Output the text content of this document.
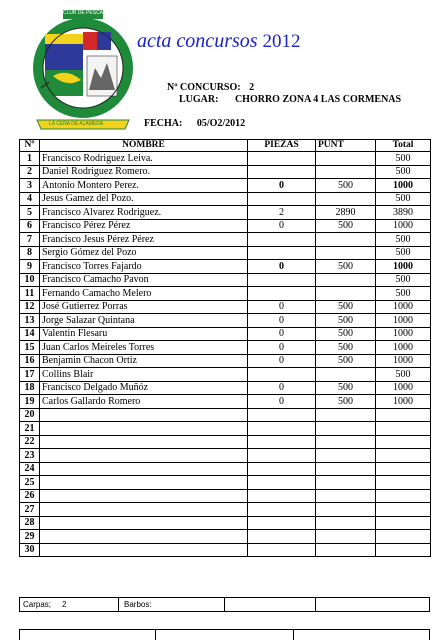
CLUB DE PESCA
LA CEÑA DE ALAMEDA
acta concursos 2012
Nº CONCURSO: 2
LUGAR: CHORRO ZONA 4 LAS CORMENAS
FECHA: 05/O2/2012
Nº	NOMBRE	PIEZAS	PUNT	Total
1	Francisco Rodriguez Leiva.			500
2	Daniel Rodriguez Romero.			500
3	Antonio Montero Perez.	0	500	1000
4	Jesus Gamez del Pozo.			500
5	Francisco Alvarez Rodriguez.	2	2890	3890
6	Francisco Pérez Pérez	0	500	1000
7	Francisco Jesus Pérez Pérez			500
8	Sergio Gómez del Pozo			500
9	Francisco Torres Fajardo	0	500	1000
10	Francisco Camacho Pavon			500
11	Fernando Camacho Melero			500
12	José Gutierrez Porras	0	500	1000
13	Jorge Salazar Quintana	0	500	1000
14	Valentin Flesaru	0	500	1000
15	Juan Carlos Meireles Torres	0	500	1000
16	Benjamin Chacon Ortiz	0	500	1000
17	Collins Blair			500
18	Francisco Delgado Muñóz	0	500	1000
19	Carlos Gallardo Romero	0	500	1000
20				
21				
22				
23				
24				
25				
26				
27				
28				
29				
30				
Carpas; 2	Barbos:
